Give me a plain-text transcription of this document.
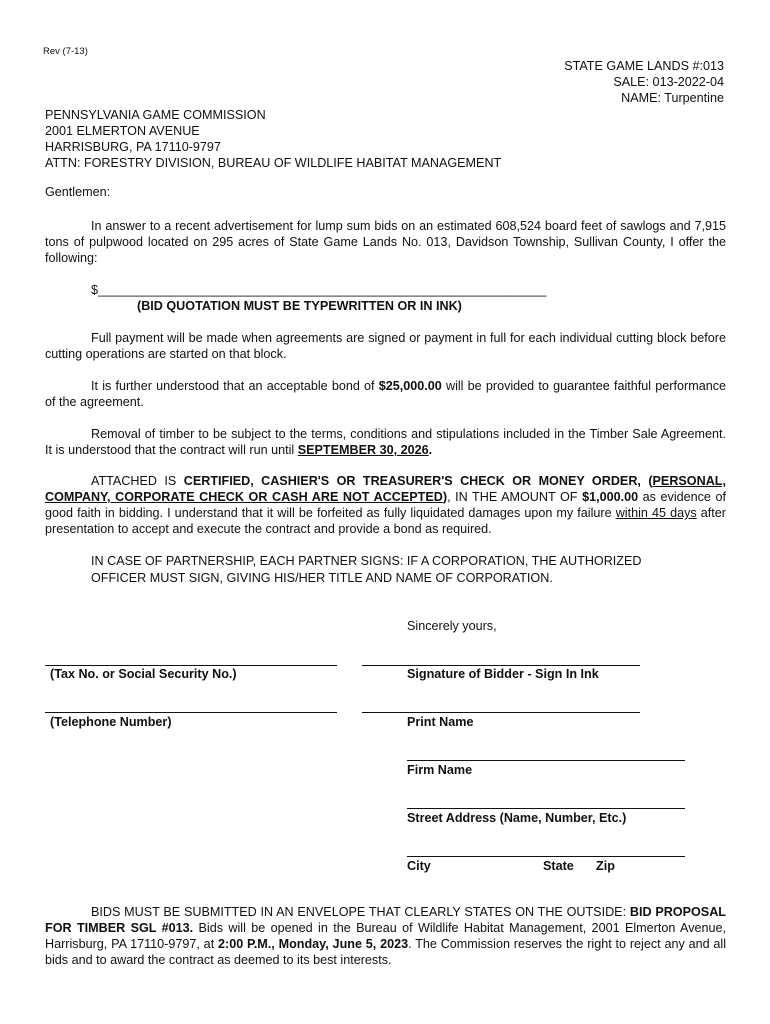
Rev (7-13)
STATE GAME LANDS #:013
SALE: 013-2022-04
NAME: Turpentine
PENNSYLVANIA GAME COMMISSION
2001 ELMERTON AVENUE
HARRISBURG, PA 17110-9797
ATTN: FORESTRY DIVISION, BUREAU OF WILDLIFE HABITAT MANAGEMENT
Gentlemen:
In answer to a recent advertisement for lump sum bids on an estimated 608,524 board feet of sawlogs and 7,915 tons of pulpwood located on 295 acres of State Game Lands No. 013, Davidson Township, Sullivan County, I offer the following:
$________________________________________________________________
(BID QUOTATION MUST BE TYPEWRITTEN OR IN INK)
Full payment will be made when agreements are signed or payment in full for each individual cutting block before cutting operations are started on that block.
It is further understood that an acceptable bond of $25,000.00 will be provided to guarantee faithful performance of the agreement.
Removal of timber to be subject to the terms, conditions and stipulations included in the Timber Sale Agreement. It is understood that the contract will run until SEPTEMBER 30, 2026.
ATTACHED IS CERTIFIED, CASHIER'S OR TREASURER'S CHECK OR MONEY ORDER, (PERSONAL, COMPANY, CORPORATE CHECK OR CASH ARE NOT ACCEPTED), IN THE AMOUNT OF $1,000.00 as evidence of good faith in bidding. I understand that it will be forfeited as fully liquidated damages upon my failure within 45 days after presentation to accept and execute the contract and provide a bond as required.
IN CASE OF PARTNERSHIP, EACH PARTNER SIGNS: IF A CORPORATION, THE AUTHORIZED
OFFICER MUST SIGN, GIVING HIS/HER TITLE AND NAME OF CORPORATION.
Sincerely yours,
(Tax No. or Social Security No.)	Signature of Bidder - Sign In Ink
(Telephone Number)	Print Name
Firm Name
Street Address (Name, Number, Etc.)
City	State Zip
BIDS MUST BE SUBMITTED IN AN ENVELOPE THAT CLEARLY STATES ON THE OUTSIDE: BID PROPOSAL FOR TIMBER SGL #013. Bids will be opened in the Bureau of Wildlife Habitat Management, 2001 Elmerton Avenue, Harrisburg, PA 17110-9797, at 2:00 P.M., Monday, June 5, 2023. The Commission reserves the right to reject any and all bids and to award the contract as deemed to its best interests.
